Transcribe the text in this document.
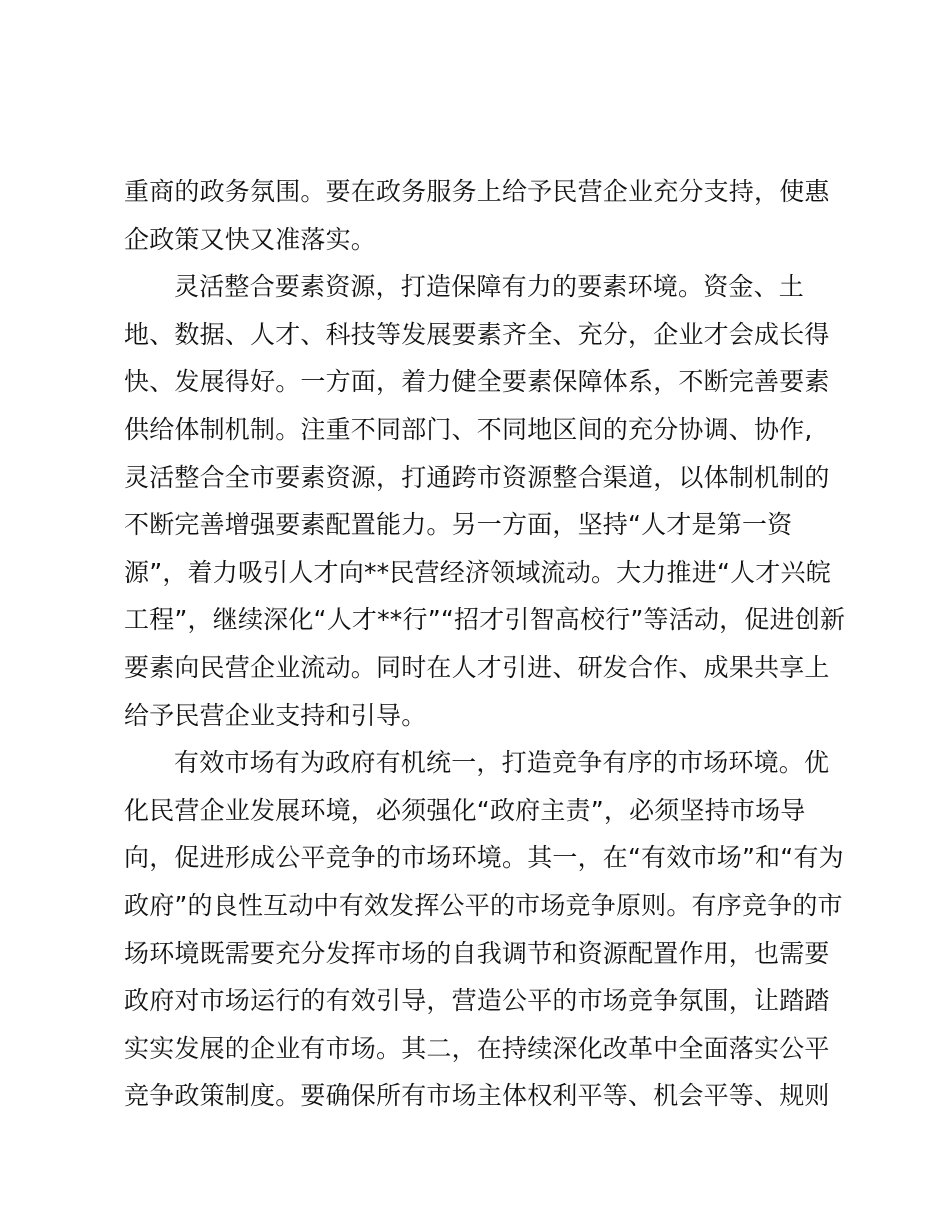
重商的政务氛围。要在政务服务上给予民营企业充分支持，使惠
企政策又快又准落实。
灵活整合要素资源，打造保障有力的要素环境。资金、土
地、数据、人才、科技等发展要素齐全、充分，企业才会成长得
快、发展得好。一方面，着力健全要素保障体系，不断完善要素
供给体制机制。注重不同部门、不同地区间的充分协调、协作,
灵活整合全市要素资源，打通跨市资源整合渠道，以体制机制的
不断完善增强要素配置能力。另一方面，坚持“人才是第一资
源”，着力吸引人才向**民营经济领域流动。大力推进“人才兴皖
工程”，继续深化“人才**行”“招才引智高校行”等活动，促进创新
要素向民营企业流动。同时在人才引进、研发合作、成果共享上
给予民营企业支持和引导。
有效市场有为政府有机统一，打造竞争有序的市场环境。优
化民营企业发展环境，必须强化“政府主责”，必须坚持市场导
向，促进形成公平竞争的市场环境。其一，在“有效市场”和“有为
政府”的良性互动中有效发挥公平的市场竞争原则。有序竞争的市
场环境既需要充分发挥市场的自我调节和资源配置作用，也需要
政府对市场运行的有效引导，营造公平的市场竞争氛围，让踏踏
实实发展的企业有市场。其二，在持续深化改革中全面落实公平
竞争政策制度。要确保所有市场主体权利平等、机会平等、规则
